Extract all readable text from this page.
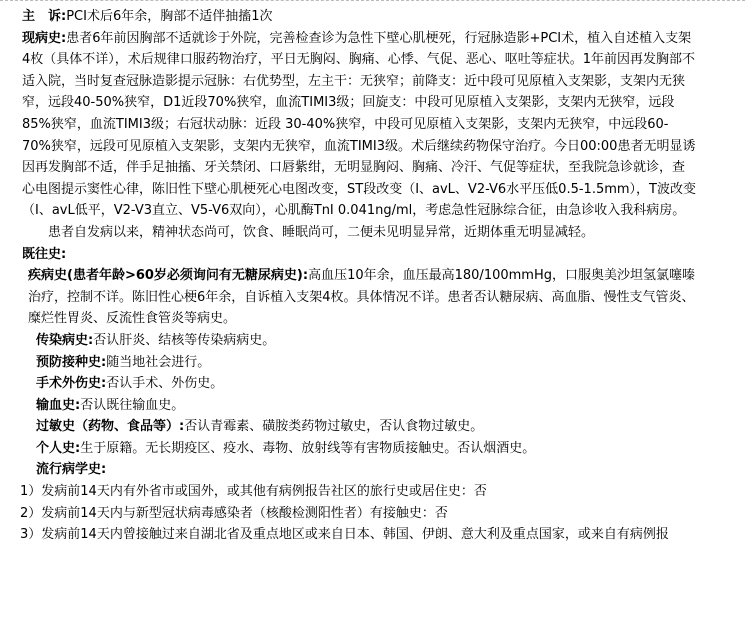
主　诉:PCI术后6年余，胸部不适伴抽搐1次

现病史:患者6年前因胸部不适就诊于外院，完善检查诊为急性下壁心肌梗死，行冠脉造影+PCI术，植入自述植入支架4枚（具体不详），术后规律口服药物治疗，平日无胸闷、胸痛、心悸、气促、恶心、呕吐等症状。1年前因再发胸部不适入院，当时复查冠脉造影提示冠脉：右优势型，左主干：无狭窄；前降支：近中段可见原植入支架影，支架内无狭窄，远段40-50%狭窄，D1近段70%狭窄，血流TIMI3级；回旋支：中段可见原植入支架影，支架内无狭窄，远段85%狭窄，血流TIMI3级；右冠状动脉：近段 30-40%狭窄，中段可见原植入支架影，支架内无狭窄，中远段60-70%狭窄，远段可见原植入支架影，支架内无狭窄，血流TIMI3级。术后继续药物保守治疗。今日00:00患者无明显诱因再发胸部不适，伴手足抽搐、牙关禁闭、口唇紫绀，无明显胸闷、胸痛、冷汗、气促等症状，至我院急诊就诊，查心电图提示窦性心律，陈旧性下壁心肌梗死心电图改变，ST段改变（I、avL、V2-V6水平压低0.5-1.5mm），T波改变（I、avL低平，V2-V3直立、V5-V6双向），心肌酶TnI 0.041ng/ml，考虑急性冠脉综合征，由急诊收入我科病房。

患者自发病以来，精神状态尚可，饮食、睡眠尚可，二便未见明显异常，近期体重无明显减轻。

既往史:

疾病史(患者年龄>60岁必须询问有无糖尿病史):高血压10年余，血压最高180/100mmHg，口服奥美沙坦氢氯噻嗪治疗，控制不详。陈旧性心梗6年余，自诉植入支架4枚。具体情况不详。患者否认糖尿病、高血脂、慢性支气管炎、糜烂性胃炎、反流性食管炎等病史。

传染病史:否认肝炎、结核等传染病病史。

预防接种史:随当地社会进行。

手术外伤史:否认手术、外伤史。

输血史:否认既往输血史。

过敏史（药物、食品等）:否认青霉素、磺胺类药物过敏史，否认食物过敏史。

个人史:生于原籍。无长期疫区、疫水、毒物、放射线等有害物质接触史。否认烟酒史。

流行病学史:

1）发病前14天内有外省市或国外，或其他有病例报告社区的旅行史或居住史：否

2）发病前14天内与新型冠状病毒感染者（核酸检测阳性者）有接触史：否

3）发病前14天内曾接触过来自湖北省及重点地区或来自日本、韩国、伊朗、意大利及重点国家，或来自有病例报
